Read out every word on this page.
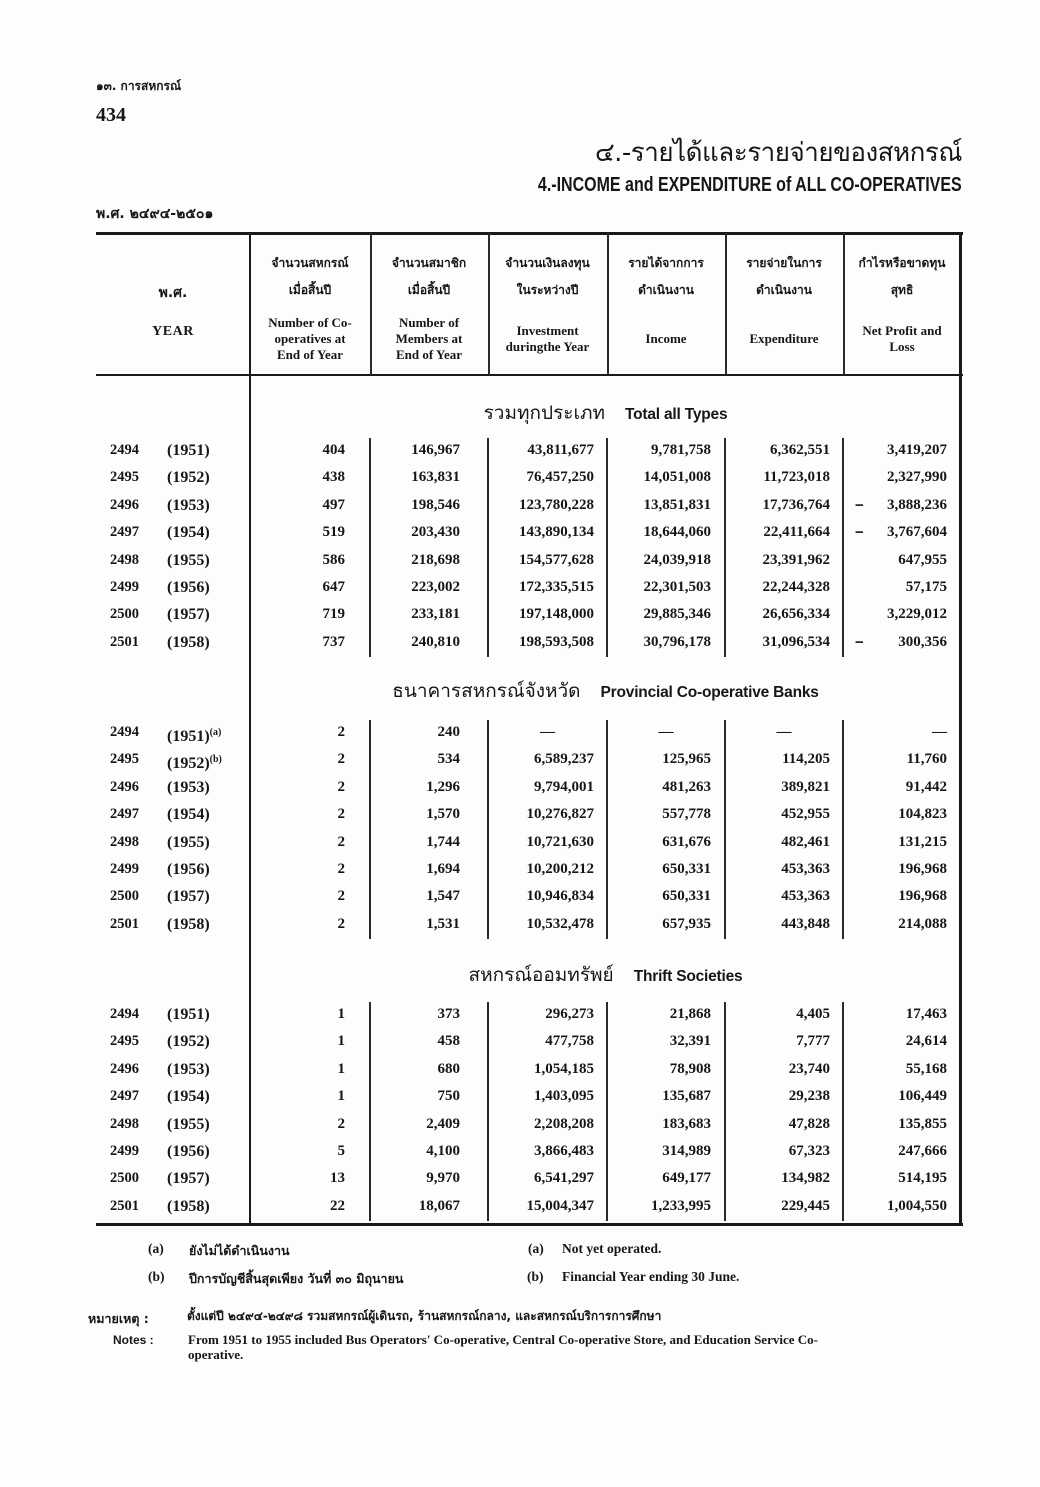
๑๓. การสหกรณ์
434
๔.-รายได้และรายจ่ายของสหกรณ์
4.-INCOME and EXPENDITURE of ALL CO-OPERATIVES
พ.ศ. ๒๔๙๔-๒๕๐๑
พ.ศ.
YEAR
จำนวนสหกรณ์
เมื่อสิ้นปี
Number of Co-
operatives at
End of Year
จำนวนสมาชิก
เมื่อสิ้นปี
Number of
Members at
End of Year
จำนวนเงินลงทุน
ในระหว่างปี
Investment
duringthe Year
รายได้จากการ
ดำเนินงาน
Income
รายจ่ายในการ
ดำเนินงาน
Expenditure
กำไรหรือขาดทุน
สุทธิ
Net Profit and
Loss
รวมทุกประเภท Total all Types
2494 (1951)	404	146,967	43,811,677	9,781,758	6,362,551	3,419,207
2495 (1952)	438	163,831	76,457,250	14,051,008	11,723,018	2,327,990
2496 (1953)	497	198,546	123,780,228	13,851,831	17,736,764	3,888,236
−
2497 (1954)	519	203,430	143,890,134	18,644,060	22,411,664	3,767,604
−
2498 (1955)	586	218,698	154,577,628	24,039,918	23,391,962	647,955
2499 (1956)	647	223,002	172,335,515	22,301,503	22,244,328	57,175
2500 (1957)	719	233,181	197,148,000	29,885,346	26,656,334	3,229,012
2501 (1958)	737	240,810	198,593,508	30,796,178	31,096,534	300,356
−
ธนาคารสหกรณ์จังหวัด Provincial Co-operative Banks
2494 $(1951)^{(a)}$	2	240	—	—	—	—
2495 $(1952)^{(b)}$	2	534	6,589,237	125,965	114,205	11,760
2496 (1953)	2	1,296	9,794,001	481,263	389,821	91,442
2497 (1954)	2	1,570	10,276,827	557,778	452,955	104,823
2498 (1955)	2	1,744	10,721,630	631,676	482,461	131,215
2499 (1956)	2	1,694	10,200,212	650,331	453,363	196,968
2500 (1957)	2	1,547	10,946,834	650,331	453,363	196,968
2501 (1958)	2	1,531	10,532,478	657,935	443,848	214,088
สหกรณ์ออมทรัพย์ Thrift Societies
2494 (1951)	1	373	296,273	21,868	4,405	17,463
2495 (1952)	1	458	477,758	32,391	7,777	24,614
2496 (1953)	1	680	1,054,185	78,908	23,740	55,168
2497 (1954)	1	750	1,403,095	135,687	29,238	106,449
2498 (1955)	2	2,409	2,208,208	183,683	47,828	135,855
2499 (1956)	5	4,100	3,866,483	314,989	67,323	247,666
2500 (1957)	13	9,970	6,541,297	649,177	134,982	514,195
2501 (1958)	22	18,067	15,004,347	1,233,995	229,445	1,004,550
(a) ยังไม่ได้ดำเนินงาน
(b) ปีการบัญชีสิ้นสุดเพียง วันที่ ๓๐ มิถุนายน
(a) Not yet operated.
(b) Financial Year ending 30 June.
หมายเหตุ :	ตั้งแต่ปี ๒๔๙๔-๒๔๙๘ รวมสหกรณ์ผู้เดินรถ, ร้านสหกรณ์กลาง, และสหกรณ์บริการการศึกษา
Notes :	From 1951 to 1955 included Bus Operators' Co-operative, Central Co-operative Store, and Education Service Co-operative.
